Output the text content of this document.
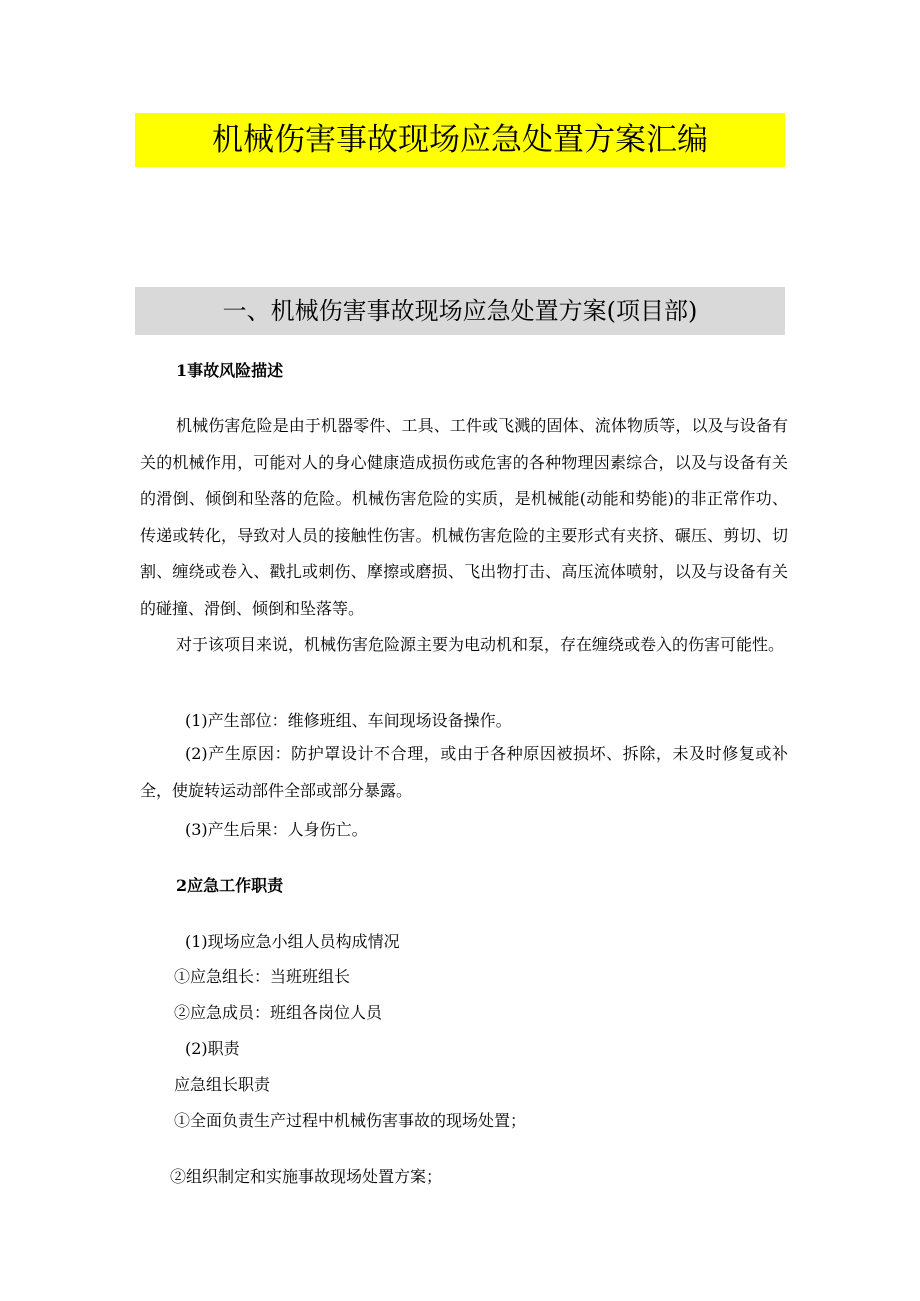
机械伤害事故现场应急处置方案汇编
一、机械伤害事故现场应急处置方案(项目部)
1事故风险描述
机械伤害危险是由于机器零件、工具、工件或飞溅的固体、流体物质等，以及与设备有关的机械作用，可能对人的身心健康造成损伤或危害的各种物理因素综合，以及与设备有关的滑倒、倾倒和坠落的危险。机械伤害危险的实质，是机械能(动能和势能)的非正常作功、传递或转化，导致对人员的接触性伤害。机械伤害危险的主要形式有夹挤、碾压、剪切、切割、缠绕或卷入、戳扎或刺伤、摩擦或磨损、飞出物打击、高压流体喷射，以及与设备有关的碰撞、滑倒、倾倒和坠落等。
对于该项目来说，机械伤害危险源主要为电动机和泵，存在缠绕或卷入的伤害可能性。
(1)产生部位：维修班组、车间现场设备操作。
(2)产生原因：防护罩设计不合理，或由于各种原因被损坏、拆除，未及时修复或补全，使旋转运动部件全部或部分暴露。
(3)产生后果：人身伤亡。
2应急工作职责
(1)现场应急小组人员构成情况
①应急组长：当班班组长
②应急成员：班组各岗位人员
(2)职责
应急组长职责
①全面负责生产过程中机械伤害事故的现场处置；
②组织制定和实施事故现场处置方案；
